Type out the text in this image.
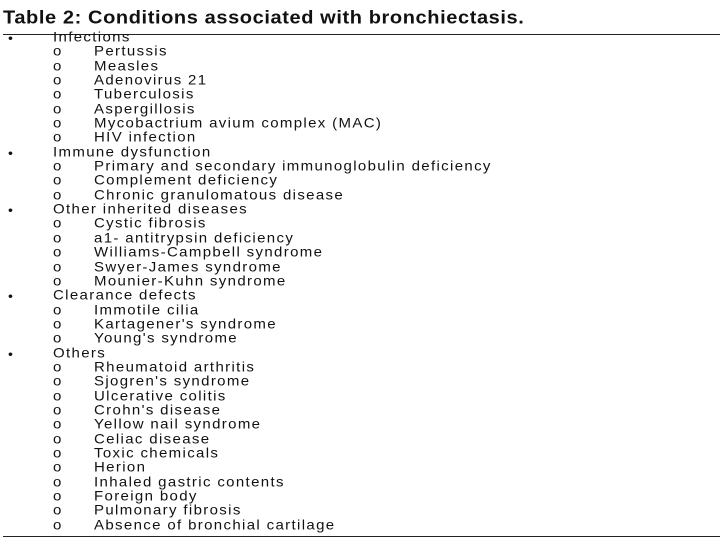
Table 2: Conditions associated with bronchiectasis.
•	Infections
o Pertussis
o Measles
o Adenovirus 21
o Tuberculosis
o Aspergillosis
o Mycobactrium avium complex (MAC)
o HIV infection
•	Immune dysfunction
o Primary and secondary immunoglobulin deficiency
o Complement deficiency
o Chronic granulomatous disease
•	Other inherited diseases
o Cystic fibrosis
o a1- antitrypsin deficiency
o Williams-Campbell syndrome
o Swyer-James syndrome
o Mounier-Kuhn syndrome
•	Clearance defects
o Immotile cilia
o Kartagener's syndrome
o Young's syndrome
•	Others
o Rheumatoid arthritis
o Sjogren's syndrome
o Ulcerative colitis
o Crohn's disease
o Yellow nail syndrome
o Celiac disease
o Toxic chemicals
o Herion
o Inhaled gastric contents
o Foreign body
o Pulmonary fibrosis
o Absence of bronchial cartilage
